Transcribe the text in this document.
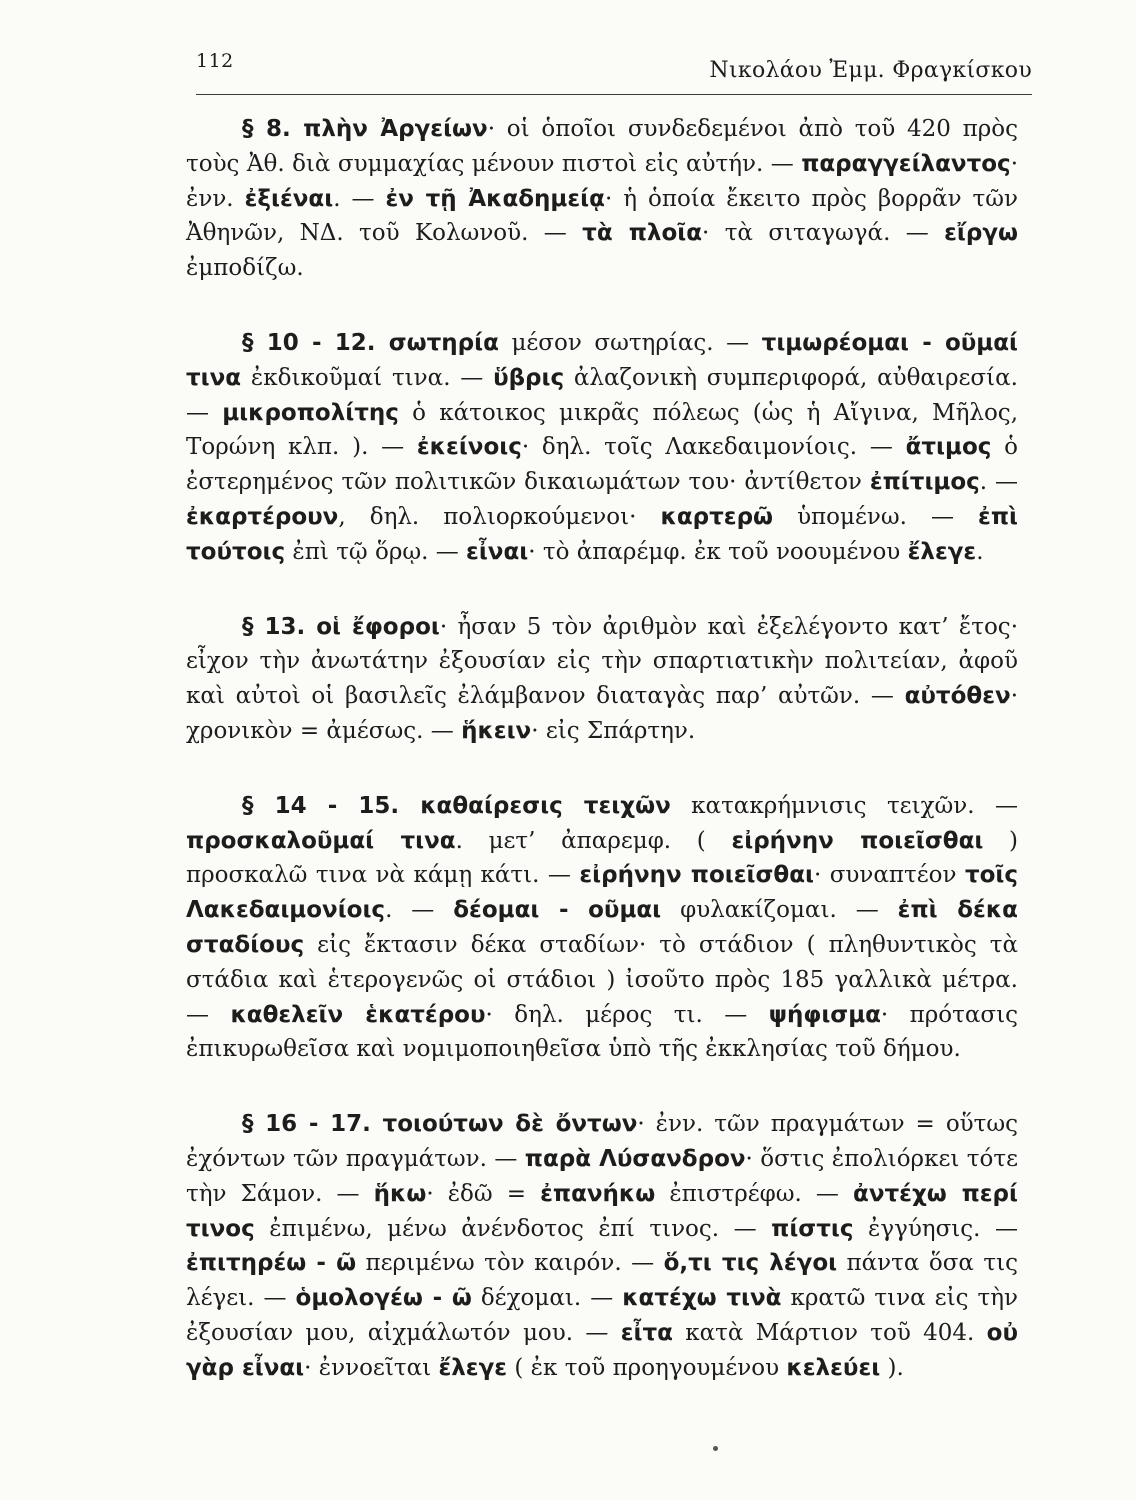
112	Νικολάου Ἐμμ. Φραγκίσκου

§ 8. πλὴν Ἀργείων· οἱ ὁποῖοι συνδεδεμένοι ἀπὸ τοῦ 420 πρὸς τοὺς Ἀθ. διὰ συμμαχίας μένουν πιστοὶ εἰς αὐτήν. — παραγγείλαντος· ἐνν. ἐξιέναι. — ἐν τῇ Ἀκαδημείᾳ· ἡ ὁποία ἔκειτο πρὸς βορρᾶν τῶν Ἀθηνῶν, ΝΔ. τοῦ Κολωνοῦ. — τὰ πλοῖα· τὰ σιταγωγά. — εἴργω ἐμποδίζω.

§ 10 - 12. σωτηρία μέσον σωτηρίας. — τιμωρέομαι - οῦμαί τινα ἐκδικοῦμαί τινα. — ὕβρις ἀλαζονικὴ συμπεριφορά, αὐθαιρεσία. — μικροπολίτης ὁ κάτοικος μικρᾶς πόλεως (ὡς ἡ Αἴγινα, Μῆλος, Τορώνη κλπ. ). — ἐκείνοις· δηλ. τοῖς Λακεδαιμονίοις. — ἄτιμος ὁ ἐστερημένος τῶν πολιτικῶν δικαιωμάτων του· ἀντίθετον ἐπίτιμος. — ἐκαρτέρουν, δηλ. πολιορκούμενοι· καρτερῶ ὑπομένω. — ἐπὶ τούτοις ἐπὶ τῷ ὅρῳ. — εἶναι· τὸ ἀπαρέμφ. ἐκ τοῦ νοουμένου ἔλεγε.

§ 13. οἱ ἔφοροι· ἦσαν 5 τὸν ἀριθμὸν καὶ ἐξελέγοντο κατ’ ἔτος· εἶχον τὴν ἀνωτάτην ἐξουσίαν εἰς τὴν σπαρτιατικὴν πολιτείαν, ἀφοῦ καὶ αὐτοὶ οἱ βασιλεῖς ἐλάμβανον διαταγὰς παρ’ αὐτῶν. — αὐτόθεν· χρονικὸν = ἀμέσως. — ἥκειν· εἰς Σπάρτην.

§ 14 - 15. καθαίρεσις τειχῶν κατακρήμνισις τειχῶν. — προσκαλοῦμαί τινα. μετ’ ἀπαρεμφ. ( εἰρήνην ποιεῖσθαι ) προσκαλῶ τινα νὰ κάμῃ κάτι. — εἰρήνην ποιεῖσθαι· συναπτέον τοῖς Λακεδαιμονίοις. — δέομαι - οῦμαι φυλακίζομαι. — ἐπὶ δέκα σταδίους εἰς ἔκτασιν δέκα σταδίων· τὸ στάδιον ( πληθυντικὸς τὰ στάδια καὶ ἑτερογενῶς οἱ στάδιοι ) ἰσοῦτο πρὸς 185 γαλλικὰ μέτρα. — καθελεῖν ἑκατέρου· δηλ. μέρος τι. — ψήφισμα· πρότασις ἐπικυρωθεῖσα καὶ νομιμοποιηθεῖσα ὑπὸ τῆς ἐκκλησίας τοῦ δήμου.

§ 16 - 17. τοιούτων δὲ ὄντων· ἐνν. τῶν πραγμάτων = οὕτως ἐχόντων τῶν πραγμάτων. — παρὰ Λύσανδρον· ὅστις ἐπολιόρκει τότε τὴν Σάμον. — ἥκω· ἐδῶ = ἐπανήκω ἐπιστρέφω. — ἀντέχω περί τινος ἐπιμένω, μένω ἀνένδοτος ἐπί τινος. — πίστις ἐγγύησις. — ἐπιτηρέω - ῶ περιμένω τὸν καιρόν. — ὅ,τι τις λέγοι πάντα ὅσα τις λέγει. — ὁμολογέω - ῶ δέχομαι. — κατέχω τινὰ κρατῶ τινα εἰς τὴν ἐξουσίαν μου, αἰχμάλωτόν μου. — εἶτα κατὰ Μάρτιον τοῦ 404. οὐ γὰρ εἶναι· ἐννοεῖται ἔλεγε ( ἐκ τοῦ προηγουμένου κελεύει ).
